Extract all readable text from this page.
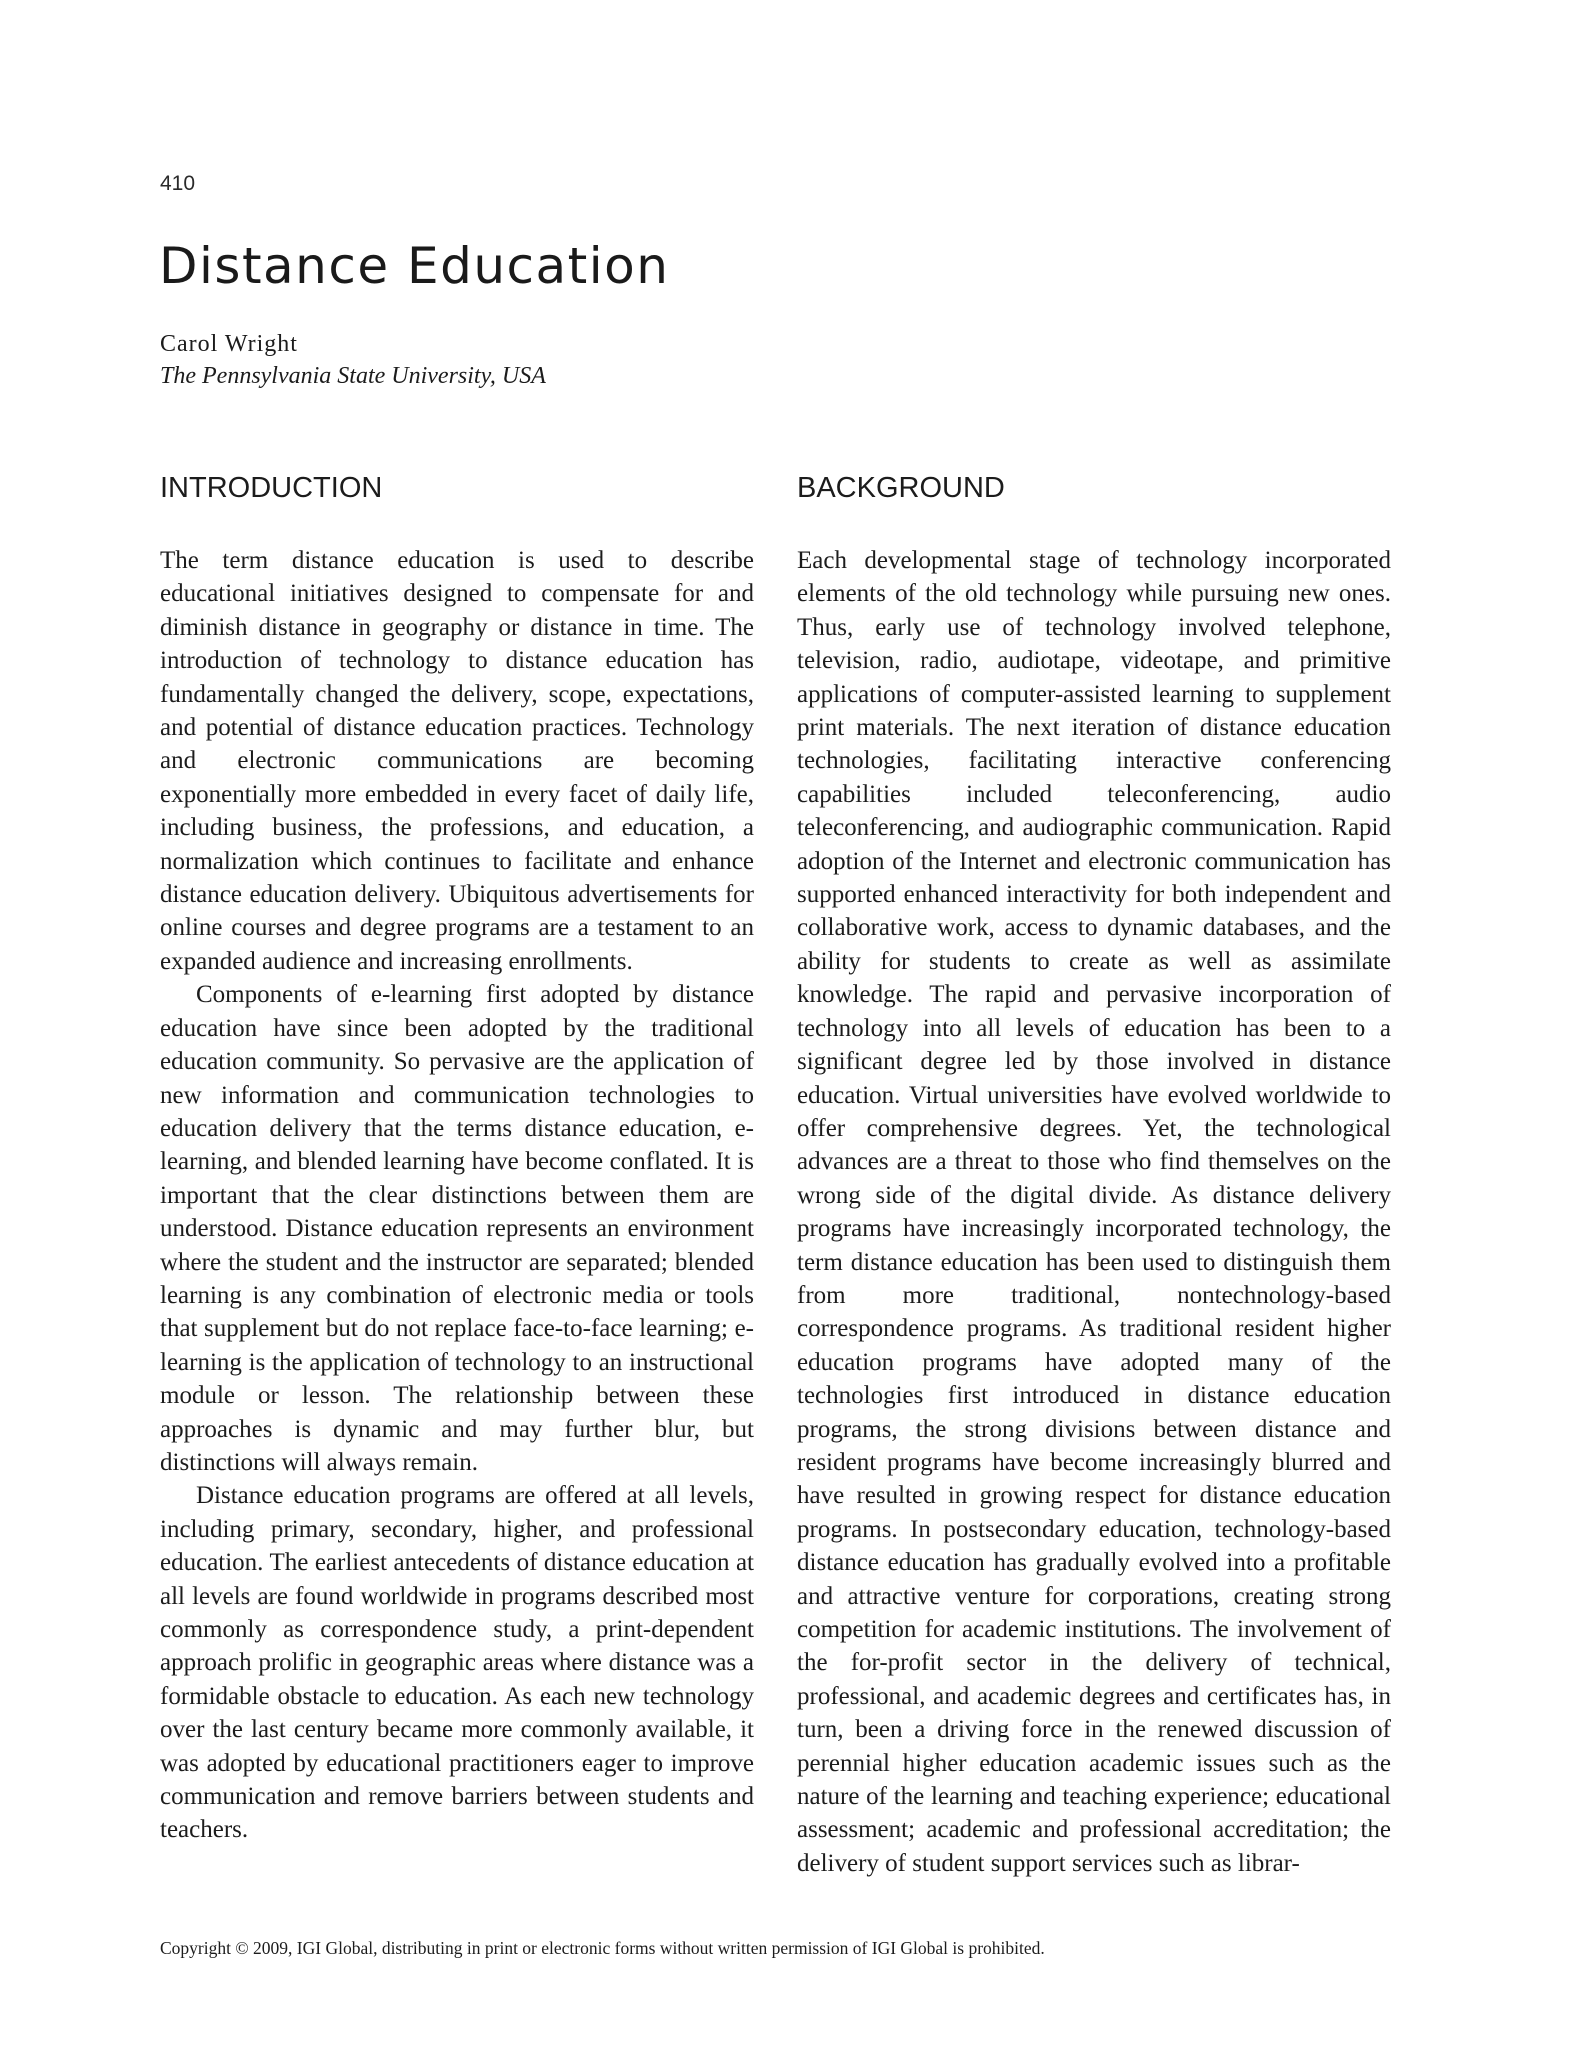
410
Distance Education
Carol Wright
The Pennsylvania State University, USA
INTRODUCTION

The term distance education is used to describe educational initiatives designed to compensate for and diminish distance in geography or distance in time. The introduction of technology to distance education has fundamentally changed the delivery, scope, expectations, and potential of distance education practices. Technology and electronic communications are becoming exponentially more embedded in every facet of daily life, including business, the professions, and education, a normalization which continues to facilitate and enhance distance education delivery. Ubiquitous advertisements for online courses and degree programs are a testament to an expanded audience and increasing enrollments.

Components of e-learning first adopted by distance education have since been adopted by the traditional education community. So pervasive are the application of new information and communication technologies to education delivery that the terms distance education, e-learning, and blended learning have become conflated. It is important that the clear distinctions between them are understood. Distance education represents an environment where the student and the instructor are separated; blended learning is any combination of electronic media or tools that supplement but do not replace face-to-face learning; e-learning is the application of technology to an instructional module or lesson. The relationship between these approaches is dynamic and may further blur, but distinctions will always remain.

Distance education programs are offered at all levels, including primary, secondary, higher, and professional education. The earliest antecedents of distance education at all levels are found worldwide in programs described most commonly as correspondence study, a print-dependent approach prolific in geographic areas where distance was a formidable obstacle to education. As each new technology over the last century became more commonly available, it was adopted by educational practitioners eager to improve communication and remove barriers between students and teachers.

BACKGROUND

Each developmental stage of technology incorporated elements of the old technology while pursuing new ones. Thus, early use of technology involved telephone, television, radio, audiotape, videotape, and primitive applications of computer-assisted learning to supplement print materials. The next iteration of distance education technologies, facilitating interactive conferencing capabilities included teleconferencing, audio teleconferencing, and audiographic communication. Rapid adoption of the Internet and electronic communication has supported enhanced interactivity for both independent and collaborative work, access to dynamic databases, and the ability for students to create as well as assimilate knowledge. The rapid and pervasive incorporation of technology into all levels of education has been to a significant degree led by those involved in distance education. Virtual universities have evolved worldwide to offer comprehensive degrees. Yet, the technological advances are a threat to those who find themselves on the wrong side of the digital divide. As distance delivery programs have increasingly incorporated technology, the term distance education has been used to distinguish them from more traditional, nontechnology-based correspondence programs. As traditional resident higher education programs have adopted many of the technologies first introduced in distance education programs, the strong divisions between distance and resident programs have become increasingly blurred and have resulted in growing respect for distance education programs. In postsecondary education, technology-based distance education has gradually evolved into a profitable and attractive venture for corporations, creating strong competition for academic institutions. The involvement of the for-profit sector in the delivery of technical, professional, and academic degrees and certificates has, in turn, been a driving force in the renewed discussion of perennial higher education academic issues such as the nature of the learning and teaching experience; educational assessment; academic and professional accreditation; the delivery of student support services such as librar-

Copyright © 2009, IGI Global, distributing in print or electronic forms without written permission of IGI Global is prohibited.
